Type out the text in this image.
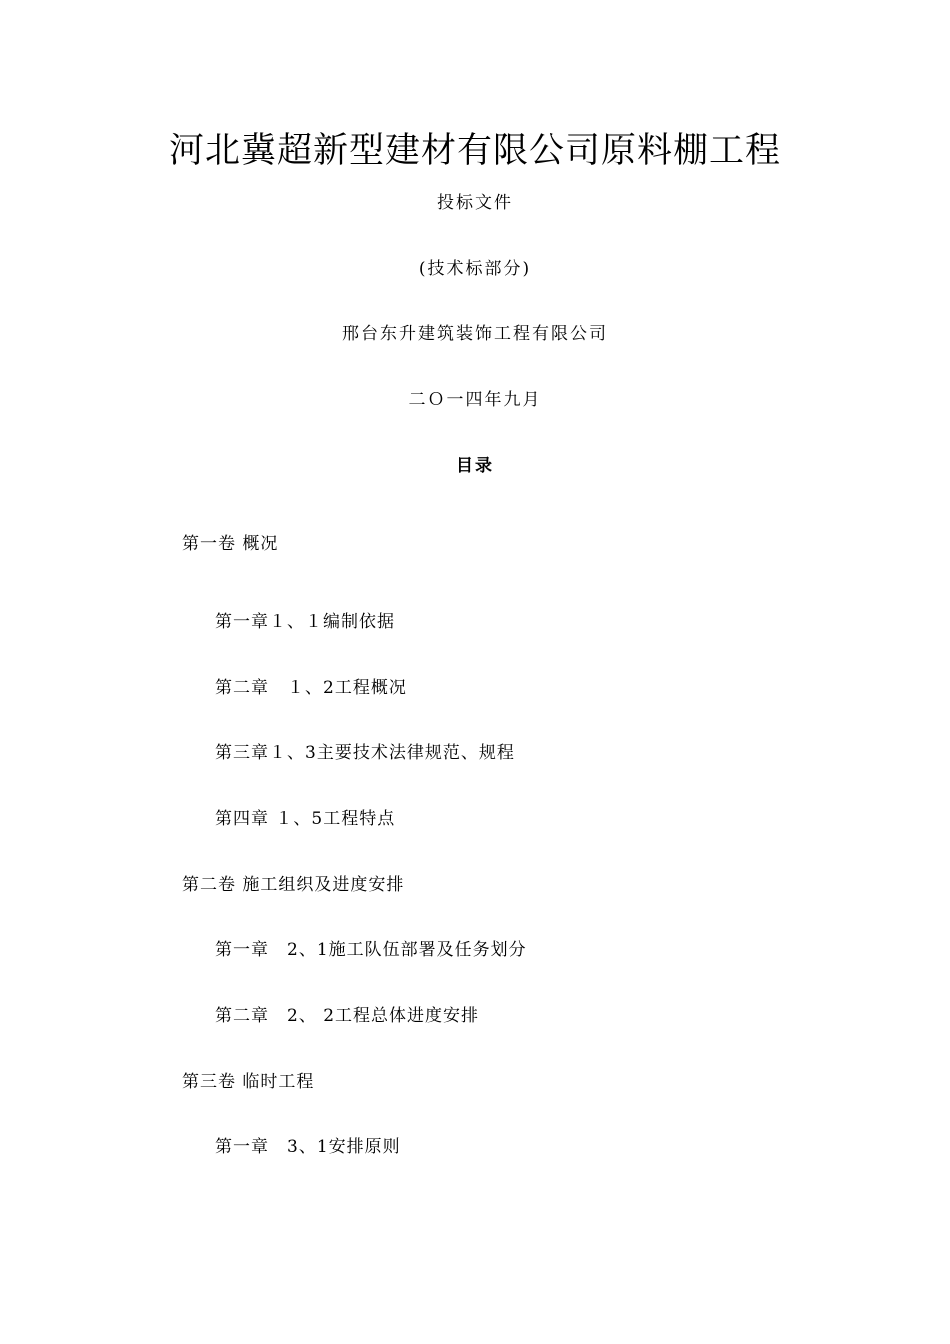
河北冀超新型建材有限公司原料棚工程
投标文件
(技术标部分)
邢台东升建筑装饰工程有限公司
二Ｏ一四年九月
目录
第一卷 概况
第一章１、１编制依据
第二章　１、2工程概况
第三章１、3主要技术法律规范、规程
第四章 １、5工程特点
第二卷 施工组织及进度安排
第一章　2、1施工队伍部署及任务划分
第二章　2、 2工程总体进度安排
第三卷 临时工程
第一章　3、1安排原则
